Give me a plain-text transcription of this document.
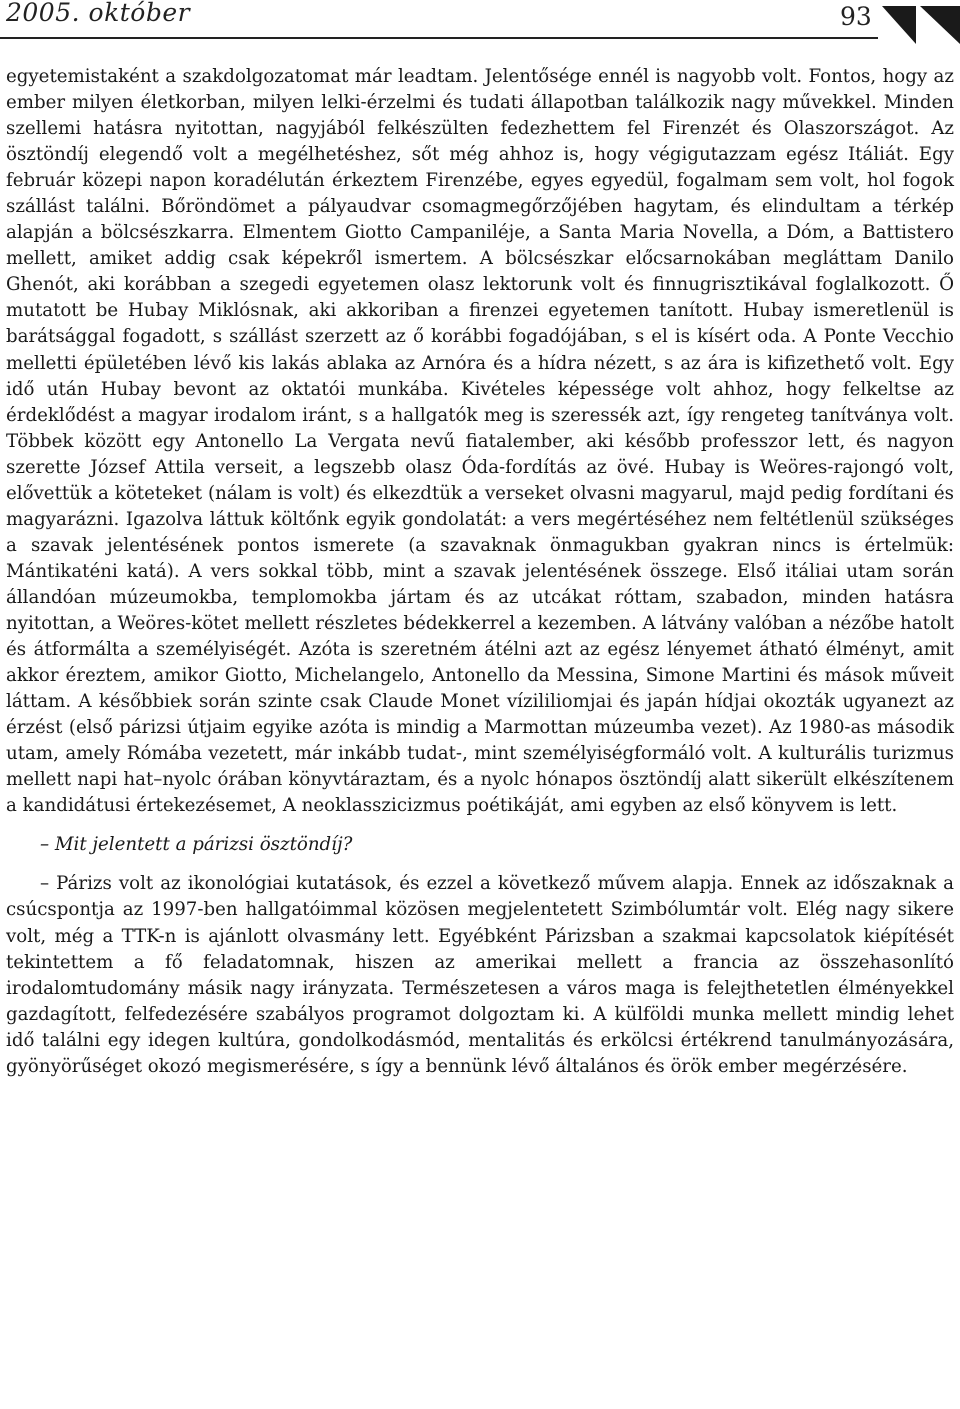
2005. október	93

egyetemistaként a szakdolgozatomat már leadtam. Jelentősége ennél is nagyobb volt. Fontos, hogy az ember milyen életkorban, milyen lelki-érzelmi és tudati állapotban találkozik nagy művekkel. Minden szellemi hatásra nyitottan, nagyjából felkészülten fedezhettem fel Firenzét és Olaszországot. Az ösztöndíj elegendő volt a megélhetéshez, sőt még ahhoz is, hogy végigutazzam egész Itáliát. Egy február közepi napon koradélután érkeztem Firenzébe, egyes egyedül, fogalmam sem volt, hol fogok szállást találni. Bőröndömet a pályaudvar csomagmegőrzőjében hagytam, és elindultam a térkép alapján a bölcsészkarra. Elmentem Giotto Campaniléje, a Santa Maria Novella, a Dóm, a Battistero mellett, amiket addig csak képekről ismertem. A bölcsészkar előcsarnokában megláttam Danilo Ghenót, aki korábban a szegedi egyetemen olasz lektorunk volt és finnugrisztikával foglalkozott. Ő mutatott be Hubay Miklósnak, aki akkoriban a firenzei egyetemen tanított. Hubay ismeretlenül is barátsággal fogadott, s szállást szerzett az ő korábbi fogadójában, s el is kísért oda. A Ponte Vecchio melletti épületében lévő kis lakás ablaka az Arnóra és a hídra nézett, s az ára is kifizethető volt. Egy idő után Hubay bevont az oktatói munkába. Kivételes képessége volt ahhoz, hogy felkeltse az érdeklődést a magyar irodalom iránt, s a hallgatók meg is szeressék azt, így rengeteg tanítványa volt. Többek között egy Antonello La Vergata nevű fiatalember, aki később professzor lett, és nagyon szerette József Attila verseit, a legszebb olasz Óda-fordítás az övé. Hubay is Weöres-rajongó volt, elővettük a köteteket (nálam is volt) és elkezdtük a verseket olvasni magyarul, majd pedig fordítani és magyarázni. Igazolva láttuk költőnk egyik gondolatát: a vers megértéséhez nem feltétlenül szükséges a szavak jelentésének pontos ismerete (a szavaknak önmagukban gyakran nincs is értelmük: Mántikaténi katá). A vers sokkal több, mint a szavak jelentésének összege. Első itáliai utam során állandóan múzeumokba, templomokba jártam és az utcákat róttam, szabadon, minden hatásra nyitottan, a Weöres-kötet mellett részletes bédekkerrel a kezemben. A látvány valóban a nézőbe hatolt és átformálta a személyiségét. Azóta is szeretném átélni azt az egész lényemet átható élményt, amit akkor éreztem, amikor Giotto, Michelangelo, Antonello da Messina, Simone Martini és mások műveit láttam. A későbbiek során szinte csak Claude Monet vízililiomjai és japán hídjai okozták ugyanezt az érzést (első párizsi útjaim egyike azóta is mindig a Marmottan múzeumba vezet). Az 1980-as második utam, amely Rómába vezetett, már inkább tudat-, mint személyiségformáló volt. A kulturális turizmus mellett napi hat–nyolc órában könyvtáraztam, és a nyolc hónapos ösztöndíj alatt sikerült elkészítenem a kandidátusi értekezésemet, A neoklasszicizmus poétikáját, ami egyben az első könyvem is lett.

– Mit jelentett a párizsi ösztöndíj?

– Párizs volt az ikonológiai kutatások, és ezzel a következő művem alapja. Ennek az időszaknak a csúcspontja az 1997-ben hallgatóimmal közösen megjelentetett Szimbólumtár volt. Elég nagy sikere volt, még a TTK-n is ajánlott olvasmány lett. Egyébként Párizsban a szakmai kapcsolatok kiépítését tekintettem a fő feladatomnak, hiszen az amerikai mellett a francia az összehasonlító irodalomtudomány másik nagy irányzata. Természetesen a város maga is felejthetetlen élményekkel gazdagított, felfedezésére szabályos programot dolgoztam ki. A külföldi munka mellett mindig lehet idő találni egy idegen kultúra, gondolkodásmód, mentalitás és erkölcsi értékrend tanulmányozására, gyönyörűséget okozó megismerésére, s így a bennünk lévő általános és örök ember megérzésére.
